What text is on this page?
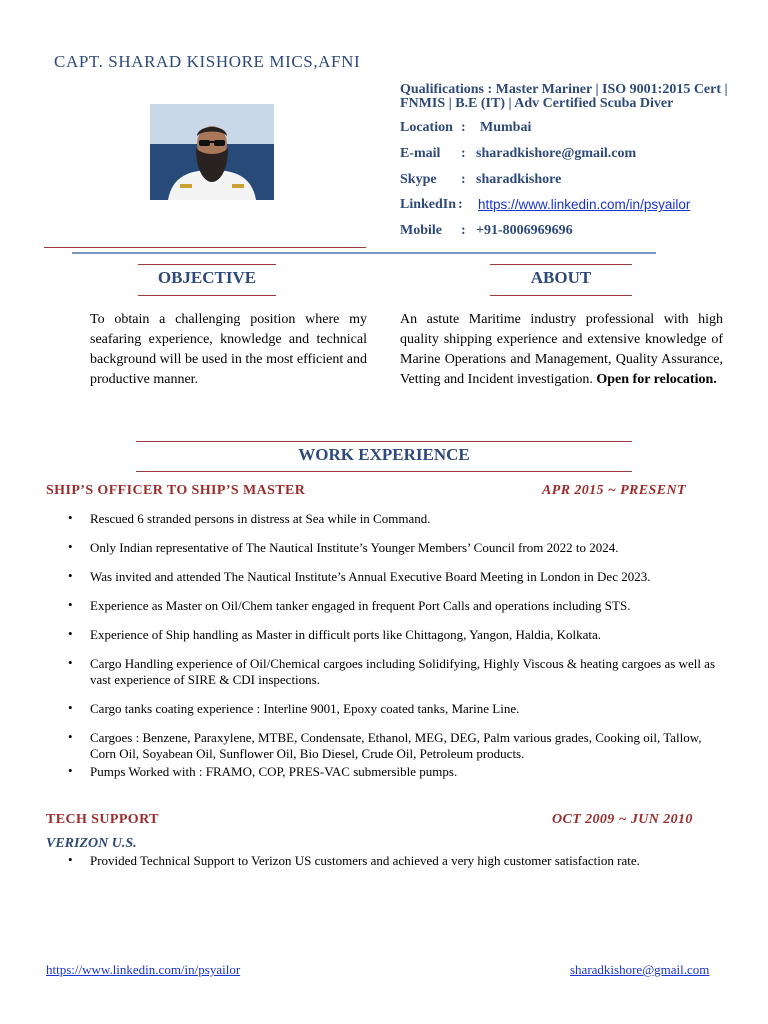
CAPT. SHARAD KISHORE MICS,AFNI
Qualifications : Master Mariner | ISO 9001:2015 Cert | FNMIS | B.E (IT) | Adv Certified Scuba Diver
Location : Mumbai
E-mail : sharadkishore@gmail.com
Skype : sharadkishore
LinkedIn : https://www.linkedin.com/in/psyailor
Mobile : +91-8006969696
OBJECTIVE
To obtain a challenging position where my seafaring experience, knowledge and technical background will be used in the most efficient and productive manner.
ABOUT
An astute Maritime industry professional with high quality shipping experience and extensive knowledge of Marine Operations and Management, Quality Assurance, Vetting and Incident investigation. Open for relocation.
WORK EXPERIENCE
SHIP’S OFFICER TO SHIP’S MASTER	APR 2015 ~ PRESENT
• Rescued 6 stranded persons in distress at Sea while in Command.
• Only Indian representative of The Nautical Institute’s Younger Members’ Council from 2022 to 2024.
• Was invited and attended The Nautical Institute’s Annual Executive Board Meeting in London in Dec 2023.
• Experience as Master on Oil/Chem tanker engaged in frequent Port Calls and operations including STS.
• Experience of Ship handling as Master in difficult ports like Chittagong, Yangon, Haldia, Kolkata.
• Cargo Handling experience of Oil/Chemical cargoes including Solidifying, Highly Viscous & heating cargoes as well as vast experience of SIRE & CDI inspections.
• Cargo tanks coating experience : Interline 9001, Epoxy coated tanks, Marine Line.
• Cargoes : Benzene, Paraxylene, MTBE, Condensate, Ethanol, MEG, DEG, Palm various grades, Cooking oil, Tallow, Corn Oil, Soyabean Oil, Sunflower Oil, Bio Diesel, Crude Oil, Petroleum products.
• Pumps Worked with : FRAMO, COP, PRES-VAC submersible pumps.
TECH SUPPORT	OCT 2009 ~ JUN 2010
VERIZON U.S.
• Provided Technical Support to Verizon US customers and achieved a very high customer satisfaction rate.
https://www.linkedin.com/in/psyailor	sharadkishore@gmail.com
